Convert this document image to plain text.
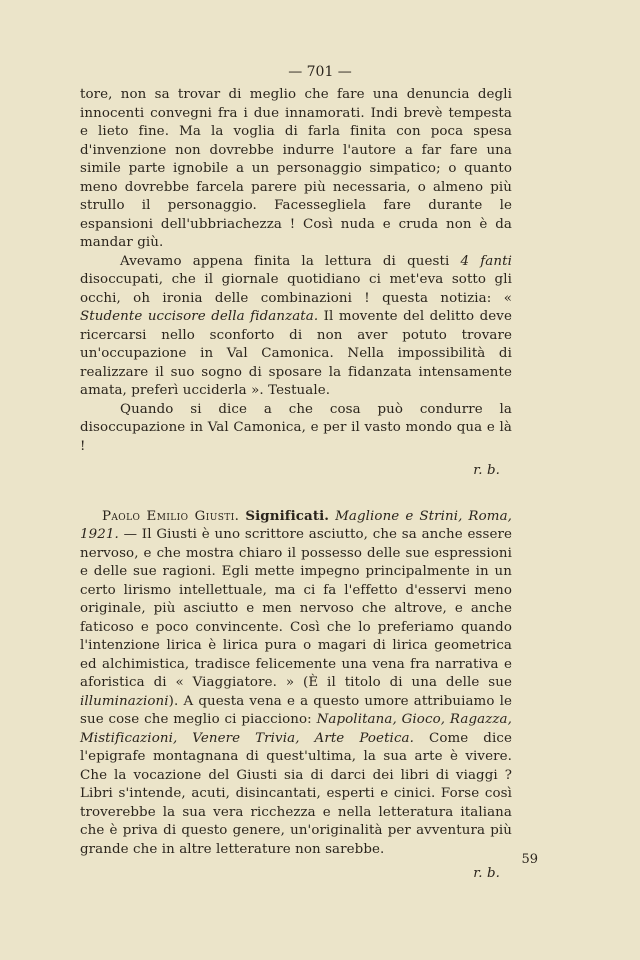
— 701 —

tore, non sa trovar di meglio che fare una denuncia degli innocenti convegni fra i due innamorati. Indi brevè tempesta e lieto fine. Ma la voglia di farla finita con poca spesa d'invenzione non dovrebbe indurre l'autore a far fare una simile parte ignobile a un personaggio simpatico; o quanto meno dovrebbe farcela parere più necessaria, o almeno più strullo il personaggio. Facessegliela fare durante le espansioni dell'ubbriachezza ! Così nuda e cruda non è da mandar giù.

Avevamo appena finita la lettura di questi 4 fanti disoccupati, che il giornale quotidiano ci met'eva sotto gli occhi, oh ironia delle combinazioni ! questa notizia: « Studente uccisore della fidanzata. Il movente del delitto deve ricercarsi nello sconforto di non aver potuto trovare un'occupazione in Val Camonica. Nella impossibilità di realizzare il suo sogno di sposare la fidanzata intensamente amata, preferì ucciderla ». Testuale.

Quando si dice a che cosa può condurre la disoccupazione in Val Camonica, e per il vasto mondo qua e là !

r. b.

Paolo Emilio Giusti. Significati. Maglione e Strini, Roma, 1921. — Il Giusti è uno scrittore asciutto, che sa anche essere nervoso, e che mostra chiaro il possesso delle sue espressioni e delle sue ragioni. Egli mette impegno principalmente in un certo lirismo intellettuale, ma ci fa l'effetto d'esservi meno originale, più asciutto e men nervoso che altrove, e anche faticoso e poco convincente. Così che lo preferiamo quando l'intenzione lirica è lirica pura o magari di lirica geometrica ed alchimistica, tradisce felicemente una vena fra narrativa e aforistica di « Viaggiatore. » (È il titolo di una delle sue illuminazioni). A questa vena e a questo umore attribuiamo le sue cose che meglio ci piacciono: Napolitana, Gioco, Ragazza, Mistificazioni, Venere Trivia, Arte Poetica. Come dice l'epigrafe montagnana di quest'ultima, la sua arte è vivere. Che la vocazione del Giusti sia di darci dei libri di viaggi ? Libri s'intende, acuti, disincantati, esperti e cinici. Forse così troverebbe la sua vera ricchezza e nella letteratura italiana che è priva di questo genere, un'originalità per avventura più grande che in altre letterature non sarebbe.

r. b.

59
